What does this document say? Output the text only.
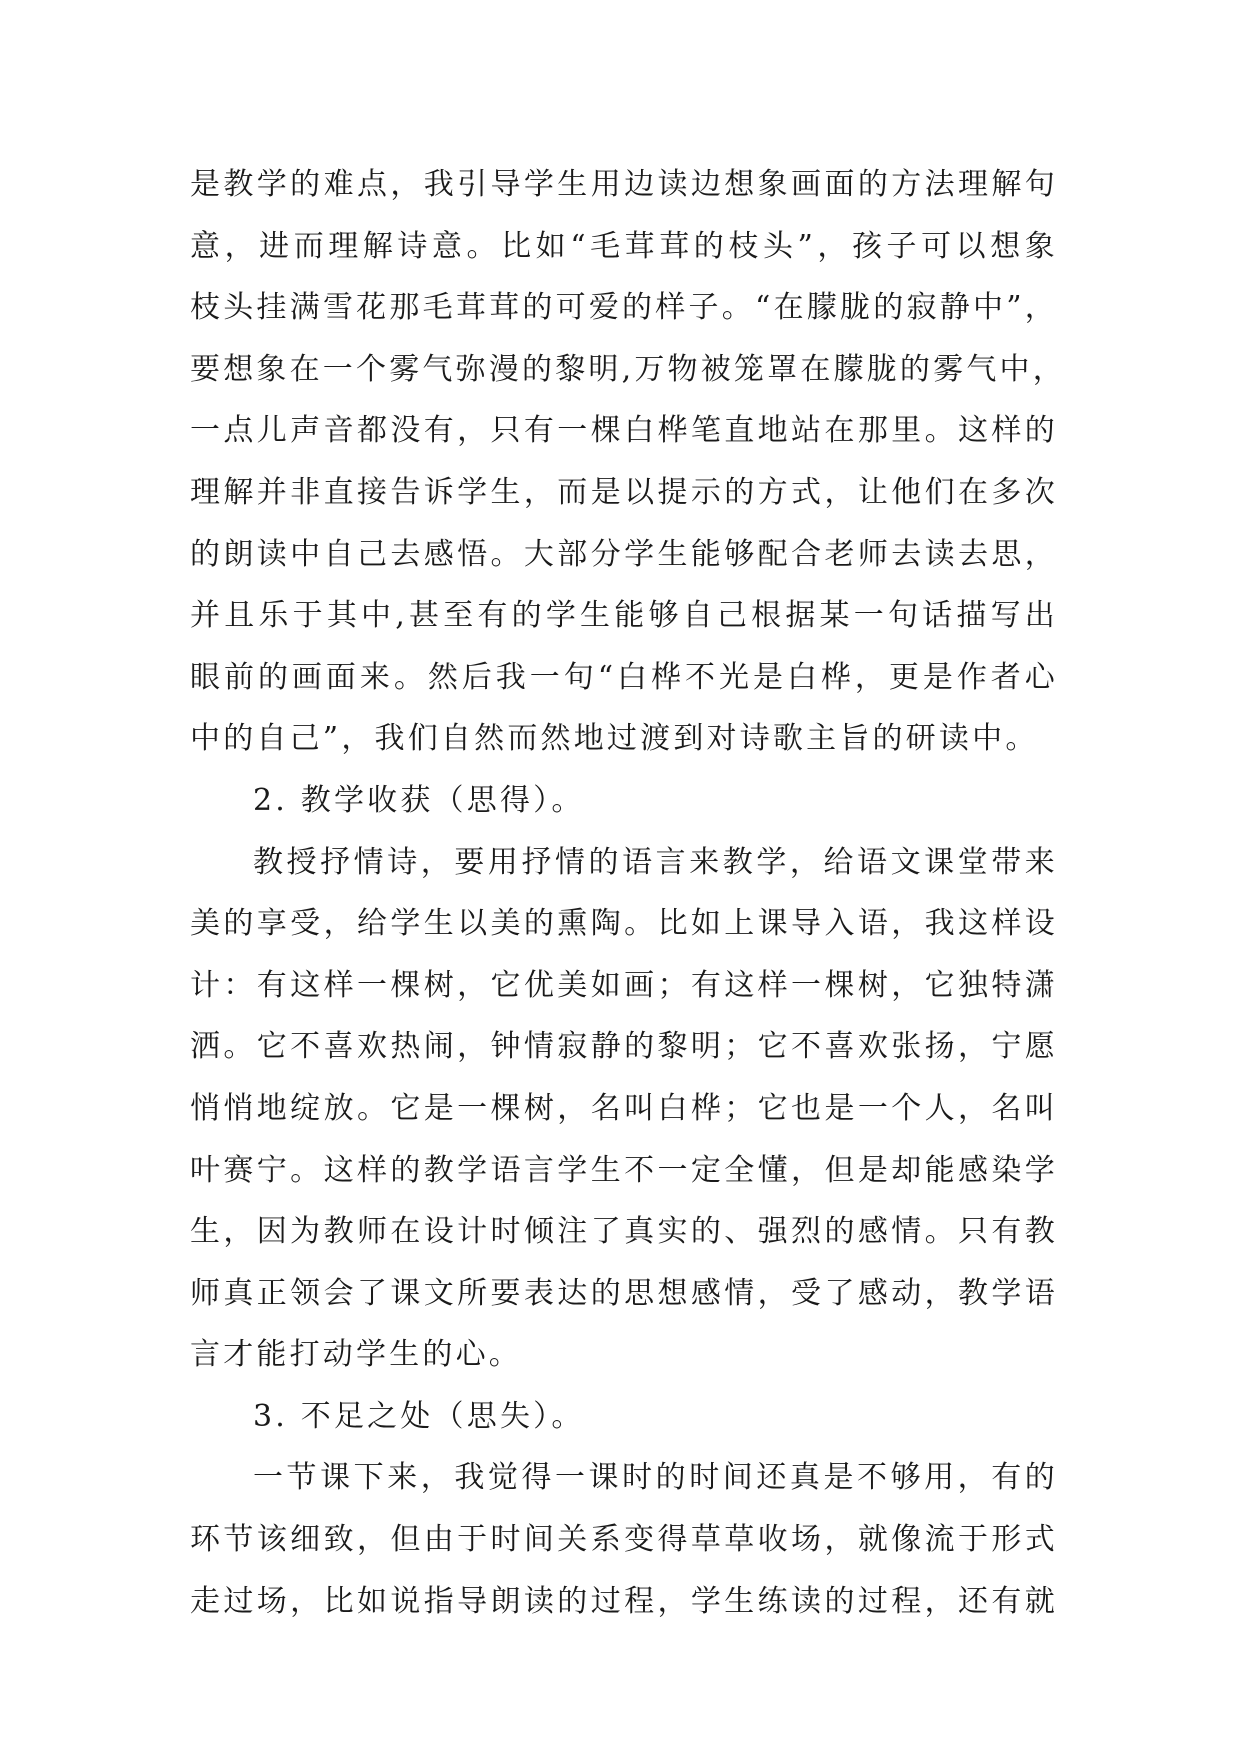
是教学的难点，我引导学生用边读边想象画面的方法理解句
意，进而理解诗意。比如“毛茸茸的枝头”，孩子可以想象
枝头挂满雪花那毛茸茸的可爱的样子。“在朦胧的寂静中”，
要想象在一个雾气弥漫的黎明,万物被笼罩在朦胧的雾气中，
一点儿声音都没有，只有一棵白桦笔直地站在那里。这样的
理解并非直接告诉学生，而是以提示的方式，让他们在多次
的朗读中自己去感悟。大部分学生能够配合老师去读去思，
并且乐于其中,甚至有的学生能够自己根据某一句话描写出
眼前的画面来。然后我一句“白桦不光是白桦，更是作者心
中的自己”，我们自然而然地过渡到对诗歌主旨的研读中。
2. 教学收获（思得）。
教授抒情诗，要用抒情的语言来教学，给语文课堂带来
美的享受，给学生以美的熏陶。比如上课导入语，我这样设
计：有这样一棵树，它优美如画；有这样一棵树，它独特潇
洒。它不喜欢热闹，钟情寂静的黎明；它不喜欢张扬，宁愿
悄悄地绽放。它是一棵树，名叫白桦；它也是一个人，名叫
叶赛宁。这样的教学语言学生不一定全懂，但是却能感染学
生，因为教师在设计时倾注了真实的、强烈的感情。只有教
师真正领会了课文所要表达的思想感情，受了感动，教学语
言才能打动学生的心。
3. 不足之处（思失）。
一节课下来，我觉得一课时的时间还真是不够用，有的
环节该细致，但由于时间关系变得草草收场，就像流于形式
走过场，比如说指导朗读的过程，学生练读的过程，还有就
